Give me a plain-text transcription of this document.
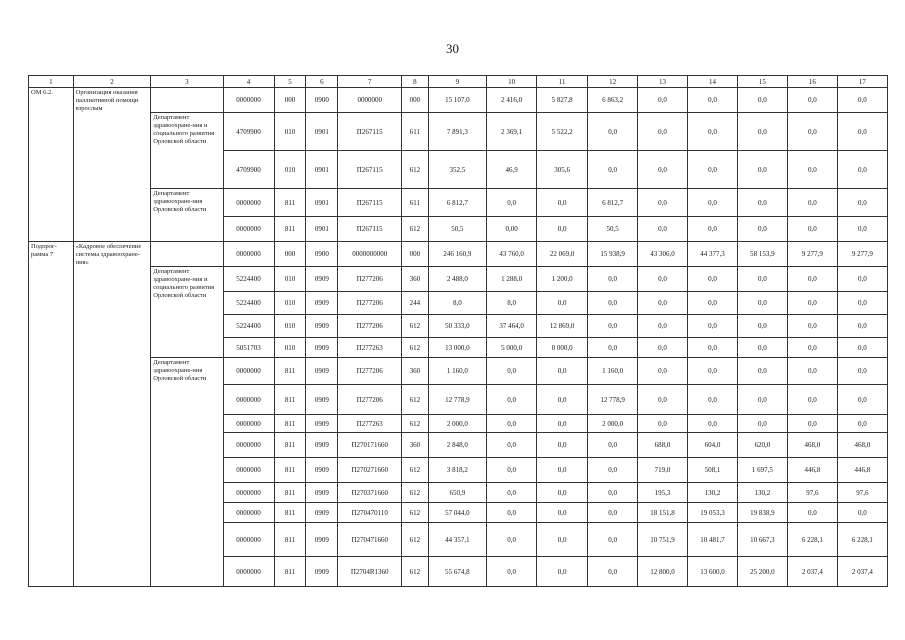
30
1	2	3	4	5	6	7	8	9	10	11	12	13	14	15	16	17
ОМ 6.2.	Организация оказания паллиативной помощи взрослым		0000000	000	0900	0000000	000	15 107,0	2 416,0	5 827,8	6 863,2	0,0	0,0	0,0	0,0	0,0
		Департамент здравоохране-ния и социального развития Орловской области	4709900	010	0901	П267115	611	7 891,3	2 369,1	5 522,2	0,0	0,0	0,0	0,0	0,0	0,0
			4709900	010	0901	П267115	612	352,5	46,9	305,6	0,0	0,0	0,0	0,0	0,0	0,0
		Департамент здравоохране-ния Орловской области	0000000	811	0901	П267115	611	6 812,7	0,0	0,0	6 812,7	0,0	0,0	0,0	0,0	0,0
			0000000	811	0901	П267115	612	50,5	0,00	0,0	50,5	0,0	0,0	0,0	0,0	0,0
Подпрог-рамма 7	«Кадровое обеспечение системы здравоохране-ния»		0000000	000	0900	0000000000	000	246 160,9	43 760,0	22 069,0	15 938,9	43 306,0	44 377,3	58 153,9	9 277,9	9 277,9
		Департамент здравоохране-ния и социального развития Орловской области	5224400	010	0909	П277206	360	2 488,0	1 288,0	1 200,0	0,0	0,0	0,0	0,0	0,0	0,0
			5224400	010	0909	П277206	244	8,0	8,0	0,0	0,0	0,0	0,0	0,0	0,0	0,0
			5224400	010	0909	П277206	612	50 333,0	37 464,0	12 869,0	0,0	0,0	0,0	0,0	0,0	0,0
			5051703	010	0909	П277263	612	13 000,0	5 000,0	8 000,0	0,0	0,0	0,0	0,0	0,0	0,0
		Департамент здравоохране-ния Орловской области	0000000	811	0909	П277206	360	1 160,0	0,0	0,0	1 160,0	0,0	0,0	0,0	0,0	0,0
			0000000	811	0909	П277206	612	12 778,9	0,0	0,0	12 778,9	0,0	0,0	0,0	0,0	0,0
			0000000	811	0909	П277263	612	2 000,0	0,0	0,0	2 000,0	0,0	0,0	0,0	0,0	0,0
			0000000	811	0909	П270171660	360	2 848,0	0,0	0,0	0,0	688,0	604,0	620,0	468,0	468,0
			0000000	811	0909	П270271660	612	3 818,2	0,0	0,0	0,0	719,0	508,1	1 697,5	446,8	446,8
			0000000	811	0909	П270371660	612	650,9	0,0	0,0	0,0	195,3	130,2	130,2	97,6	97,6
			0000000	811	0909	П270470110	612	57 044,0	0,0	0,0	0,0	18 151,8	19 053,3	19 838,9	0,0	0,0
			0000000	811	0909	П270471660	612	44 357,1	0,0	0,0	0,0	10 751,9	10 481,7	10 667,3	6 228,1	6 228,1
			0000000	811	0909	П2704R1360	612	55 674,8	0,0	0,0	0,0	12 800,0	13 600,0	25 200,0	2 037,4	2 037,4
